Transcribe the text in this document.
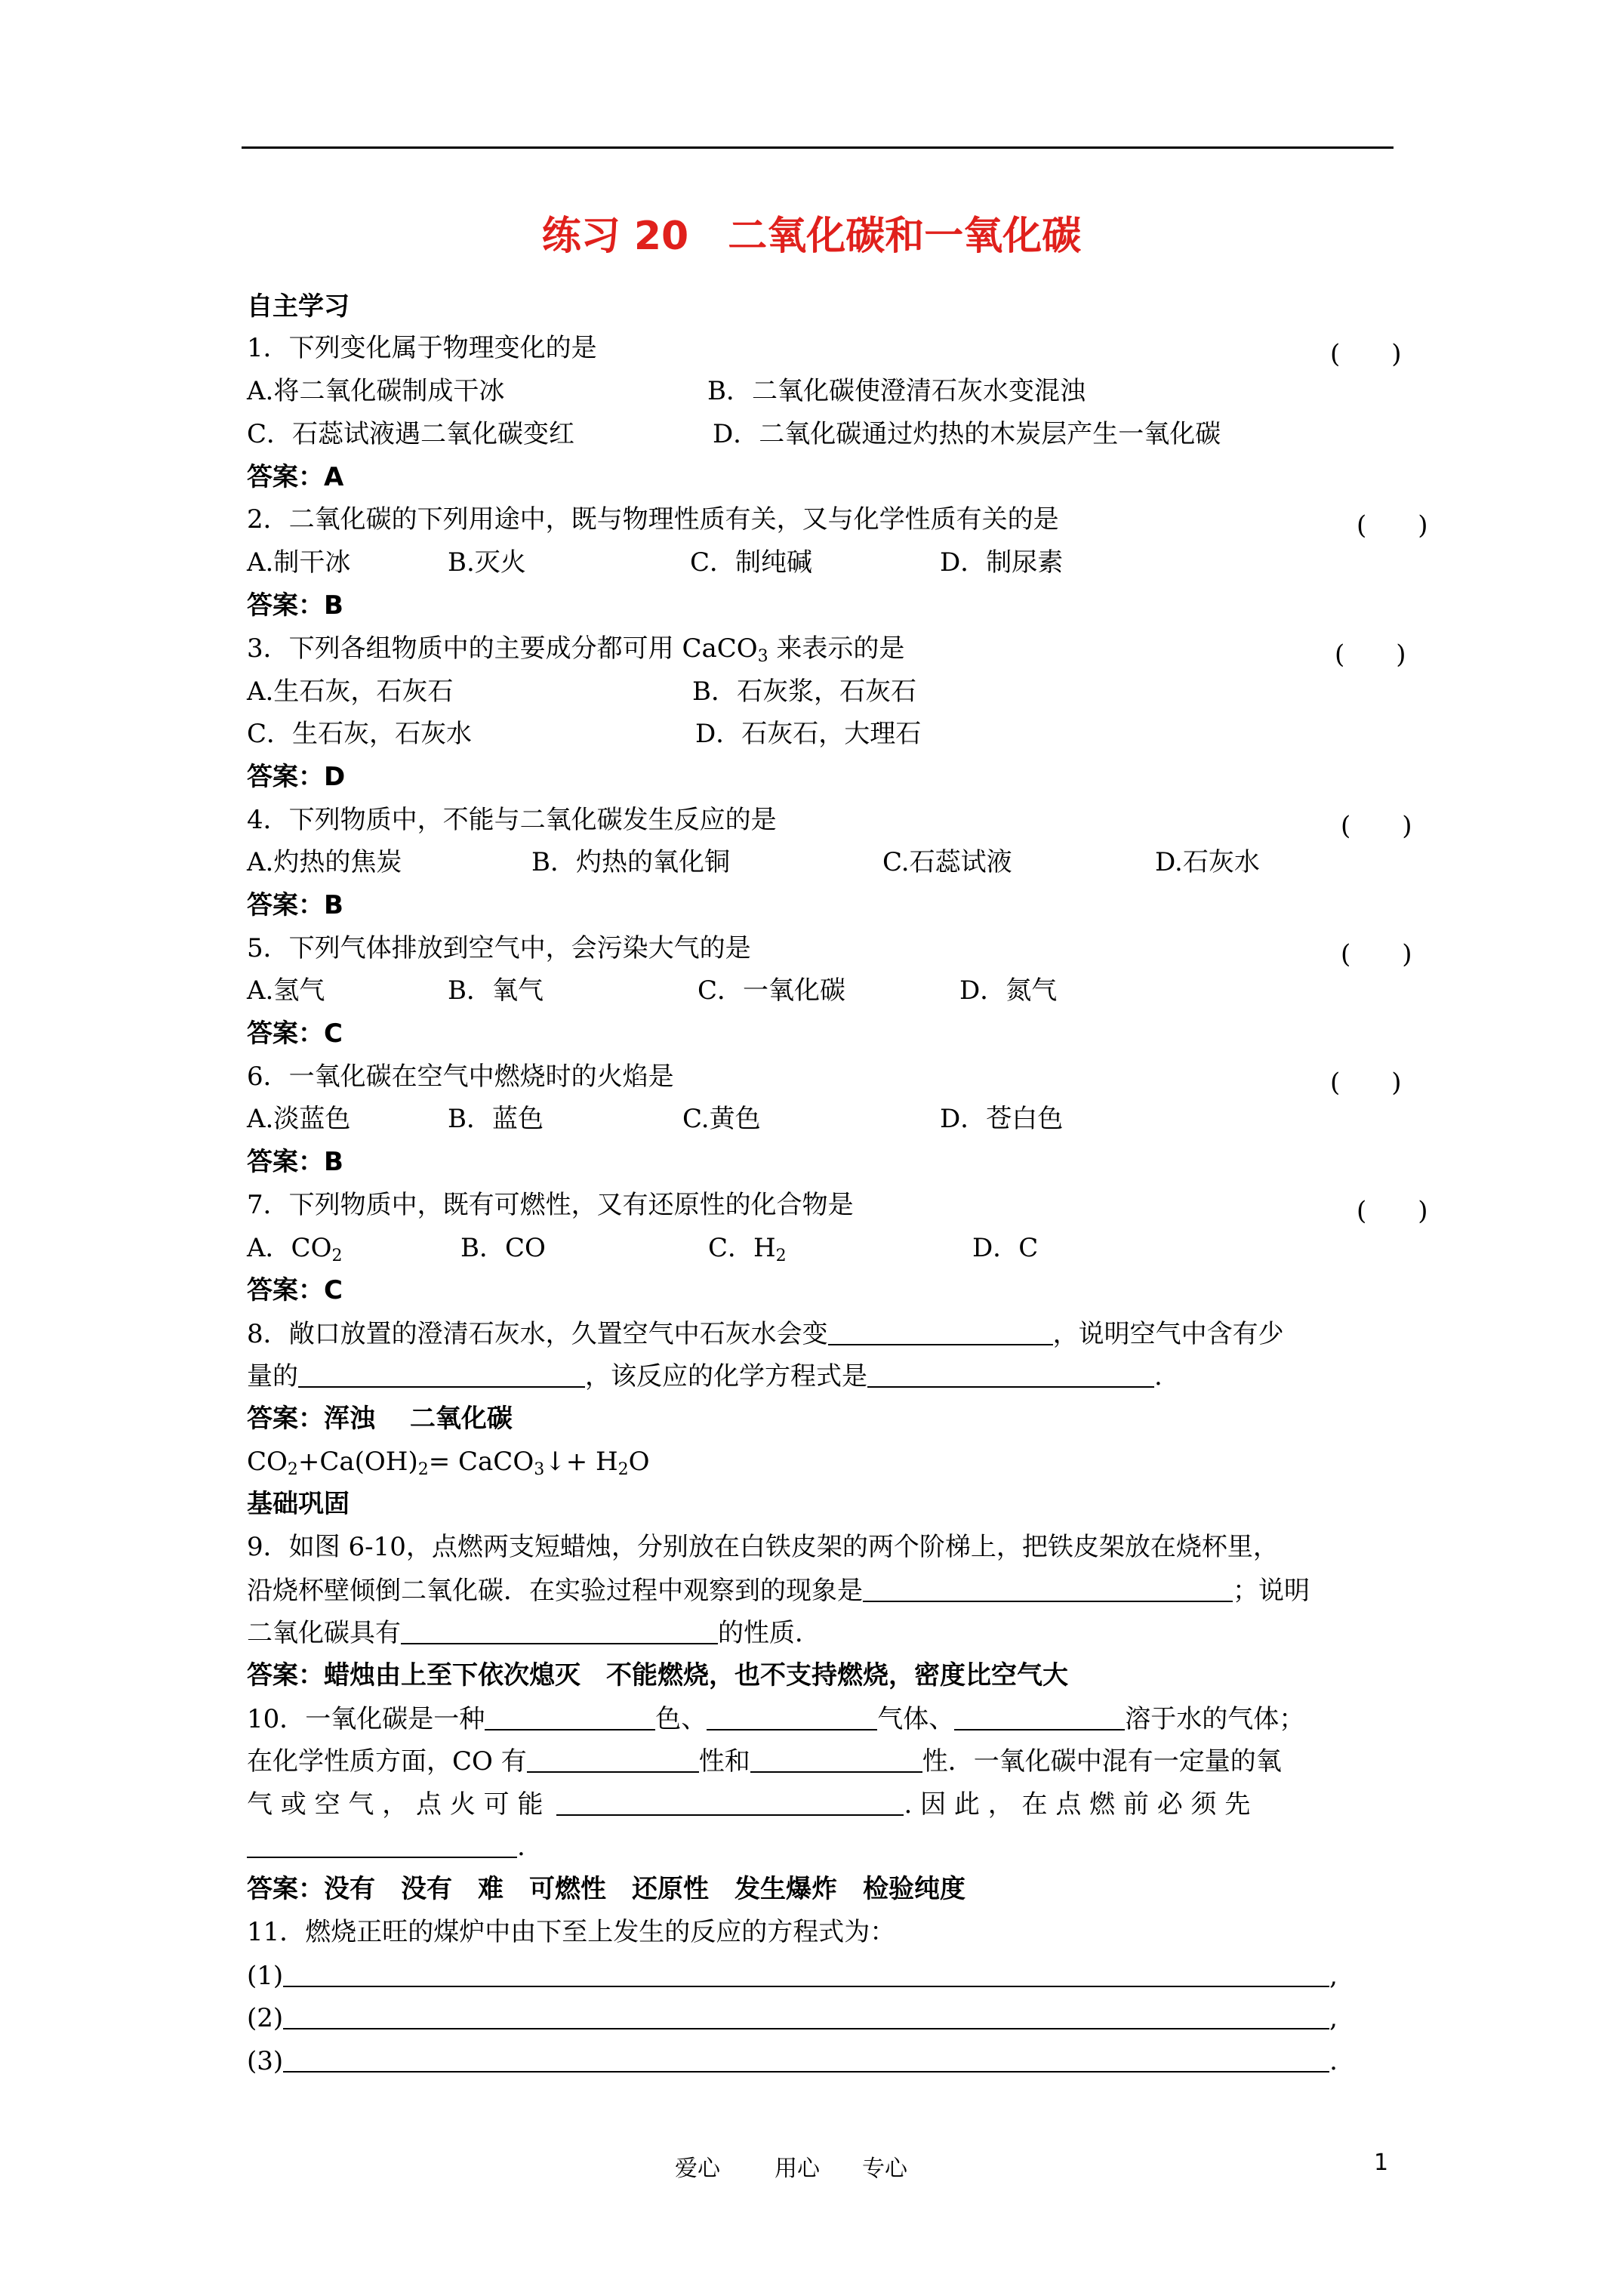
练习 20　二氧化碳和一氧化碳
自主学习
1．下列变化属于物理变化的是	(　　)
A.将二氧化碳制成干冰	B．二氧化碳使澄清石灰水变混浊
C．石蕊试液遇二氧化碳变红	D．二氧化碳通过灼热的木炭层产生一氧化碳
答案：A
2．二氧化碳的下列用途中，既与物理性质有关，又与化学性质有关的是	(　　)
A.制干冰	B.灭火	C．制纯碱	D．制尿素
答案：B
3．下列各组物质中的主要成分都可用 CaCO$_3$ 来表示的是	(　　)
A.生石灰，石灰石	B．石灰浆，石灰石
C．生石灰，石灰水	D．石灰石，大理石
答案：D
4．下列物质中，不能与二氧化碳发生反应的是	(　　)
A.灼热的焦炭	B．灼热的氧化铜	C.石蕊试液	D.石灰水
答案：B
5．下列气体排放到空气中，会污染大气的是	(　　)
A.氢气	B．氧气	C．一氧化碳	D．氮气
答案：C
6．一氧化碳在空气中燃烧时的火焰是	(　　)
A.淡蓝色	B．蓝色	C.黄色	D．苍白色
答案：B
7．下列物质中，既有可燃性，又有还原性的化合物是	(　　)
A．$CO_2$	B．CO	C．$H_2$	D．C
答案：C
8．敞口放置的澄清石灰水，久置空气中石灰水会变	，说明空气中含有少
量的	，该反应的化学方程式是	.
答案：浑浊　 二氧化碳
$CO_2+Ca(OH)_2=$ CaCO$_3$↓+ $H_2O$
基础巩固
9．如图 6-10，点燃两支短蜡烛，分别放在白铁皮架的两个阶梯上，把铁皮架放在烧杯里，
沿烧杯壁倾倒二氧化碳．在实验过程中观察到的现象是	；说明
二氧化碳具有	的性质．
答案：蜡烛由上至下依次熄灭　不能燃烧，也不支持燃烧，密度比空气大
10．一氧化碳是一种	色、	气体、	溶于水的气体；
在化学性质方面，CO 有	性和	性．一氧化碳中混有一定量的氧
气 或 空 气 ， 点 火 可 能	. 因 此 ， 在 点 燃 前 必 须 先
.
答案：没有　没有　难　可燃性　还原性　发生爆炸　检验纯度
11．燃烧正旺的煤炉中由下至上发生的反应的方程式为：
(1)	,
(2)	,
(3)	.
爱心 用心 专心	1
